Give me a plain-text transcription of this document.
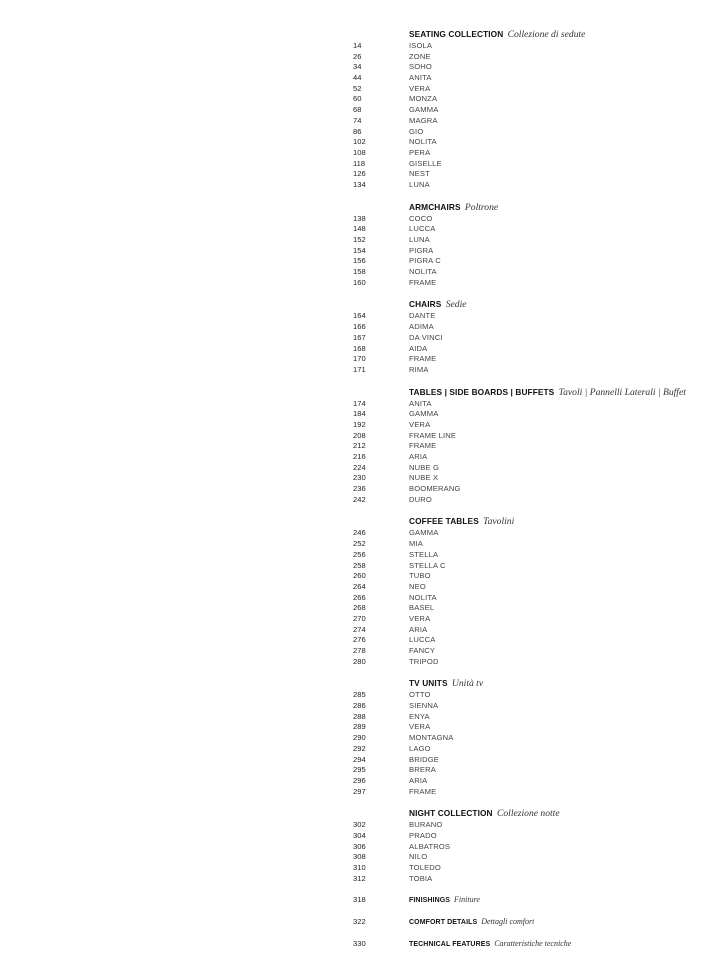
SEATING COLLECTION Collezione di sedute
14	ISOLA
26	ZONE
34	SOHO
44	ANITA
52	VERA
60	MONZA
68	GAMMA
74	MAGRA
86	GIO
102	NOLITA
108	PERA
118	GISELLE
126	NEST
134	LUNA
ARMCHAIRS Poltrone
138	COCO
148	LUCCA
152	LUNA
154	PIGRA
156	PIGRA C
158	NOLITA
160	FRAME
CHAIRS Sedie
164	DANTE
166	ADIMA
167	DA VINCI
168	AIDA
170	FRAME
171	RIMA
TABLES | SIDE BOARDS | BUFFETS Tavoli | Pannelli Laterali | Buffet
174	ANITA
184	GAMMA
192	VERA
208	FRAME LINE
212	FRAME
216	ARIA
224	NUBE G
230	NUBE X
236	BOOMERANG
242	DURO
COFFEE TABLES Tavolini
246	GAMMA
252	MIA
256	STELLA
258	STELLA C
260	TUBO
264	NEO
266	NOLITA
268	BASEL
270	VERA
274	ARIA
276	LUCCA
278	FANCY
280	TRIPOD
TV UNITS Unità tv
285	OTTO
286	SIENNA
288	ENYA
289	VERA
290	MONTAGNA
292	LAGO
294	BRIDGE
295	BRERA
296	ARIA
297	FRAME
NIGHT COLLECTION Collezione notte
302	BURANO
304	PRADO
306	ALBATROS
308	NILO
310	TOLEDO
312	TOBIA
318	FINISHINGS Finiture
322	COMFORT DETAILS Dettagli comfort
330	TECHNICAL FEATURES Caratteristiche tecniche
